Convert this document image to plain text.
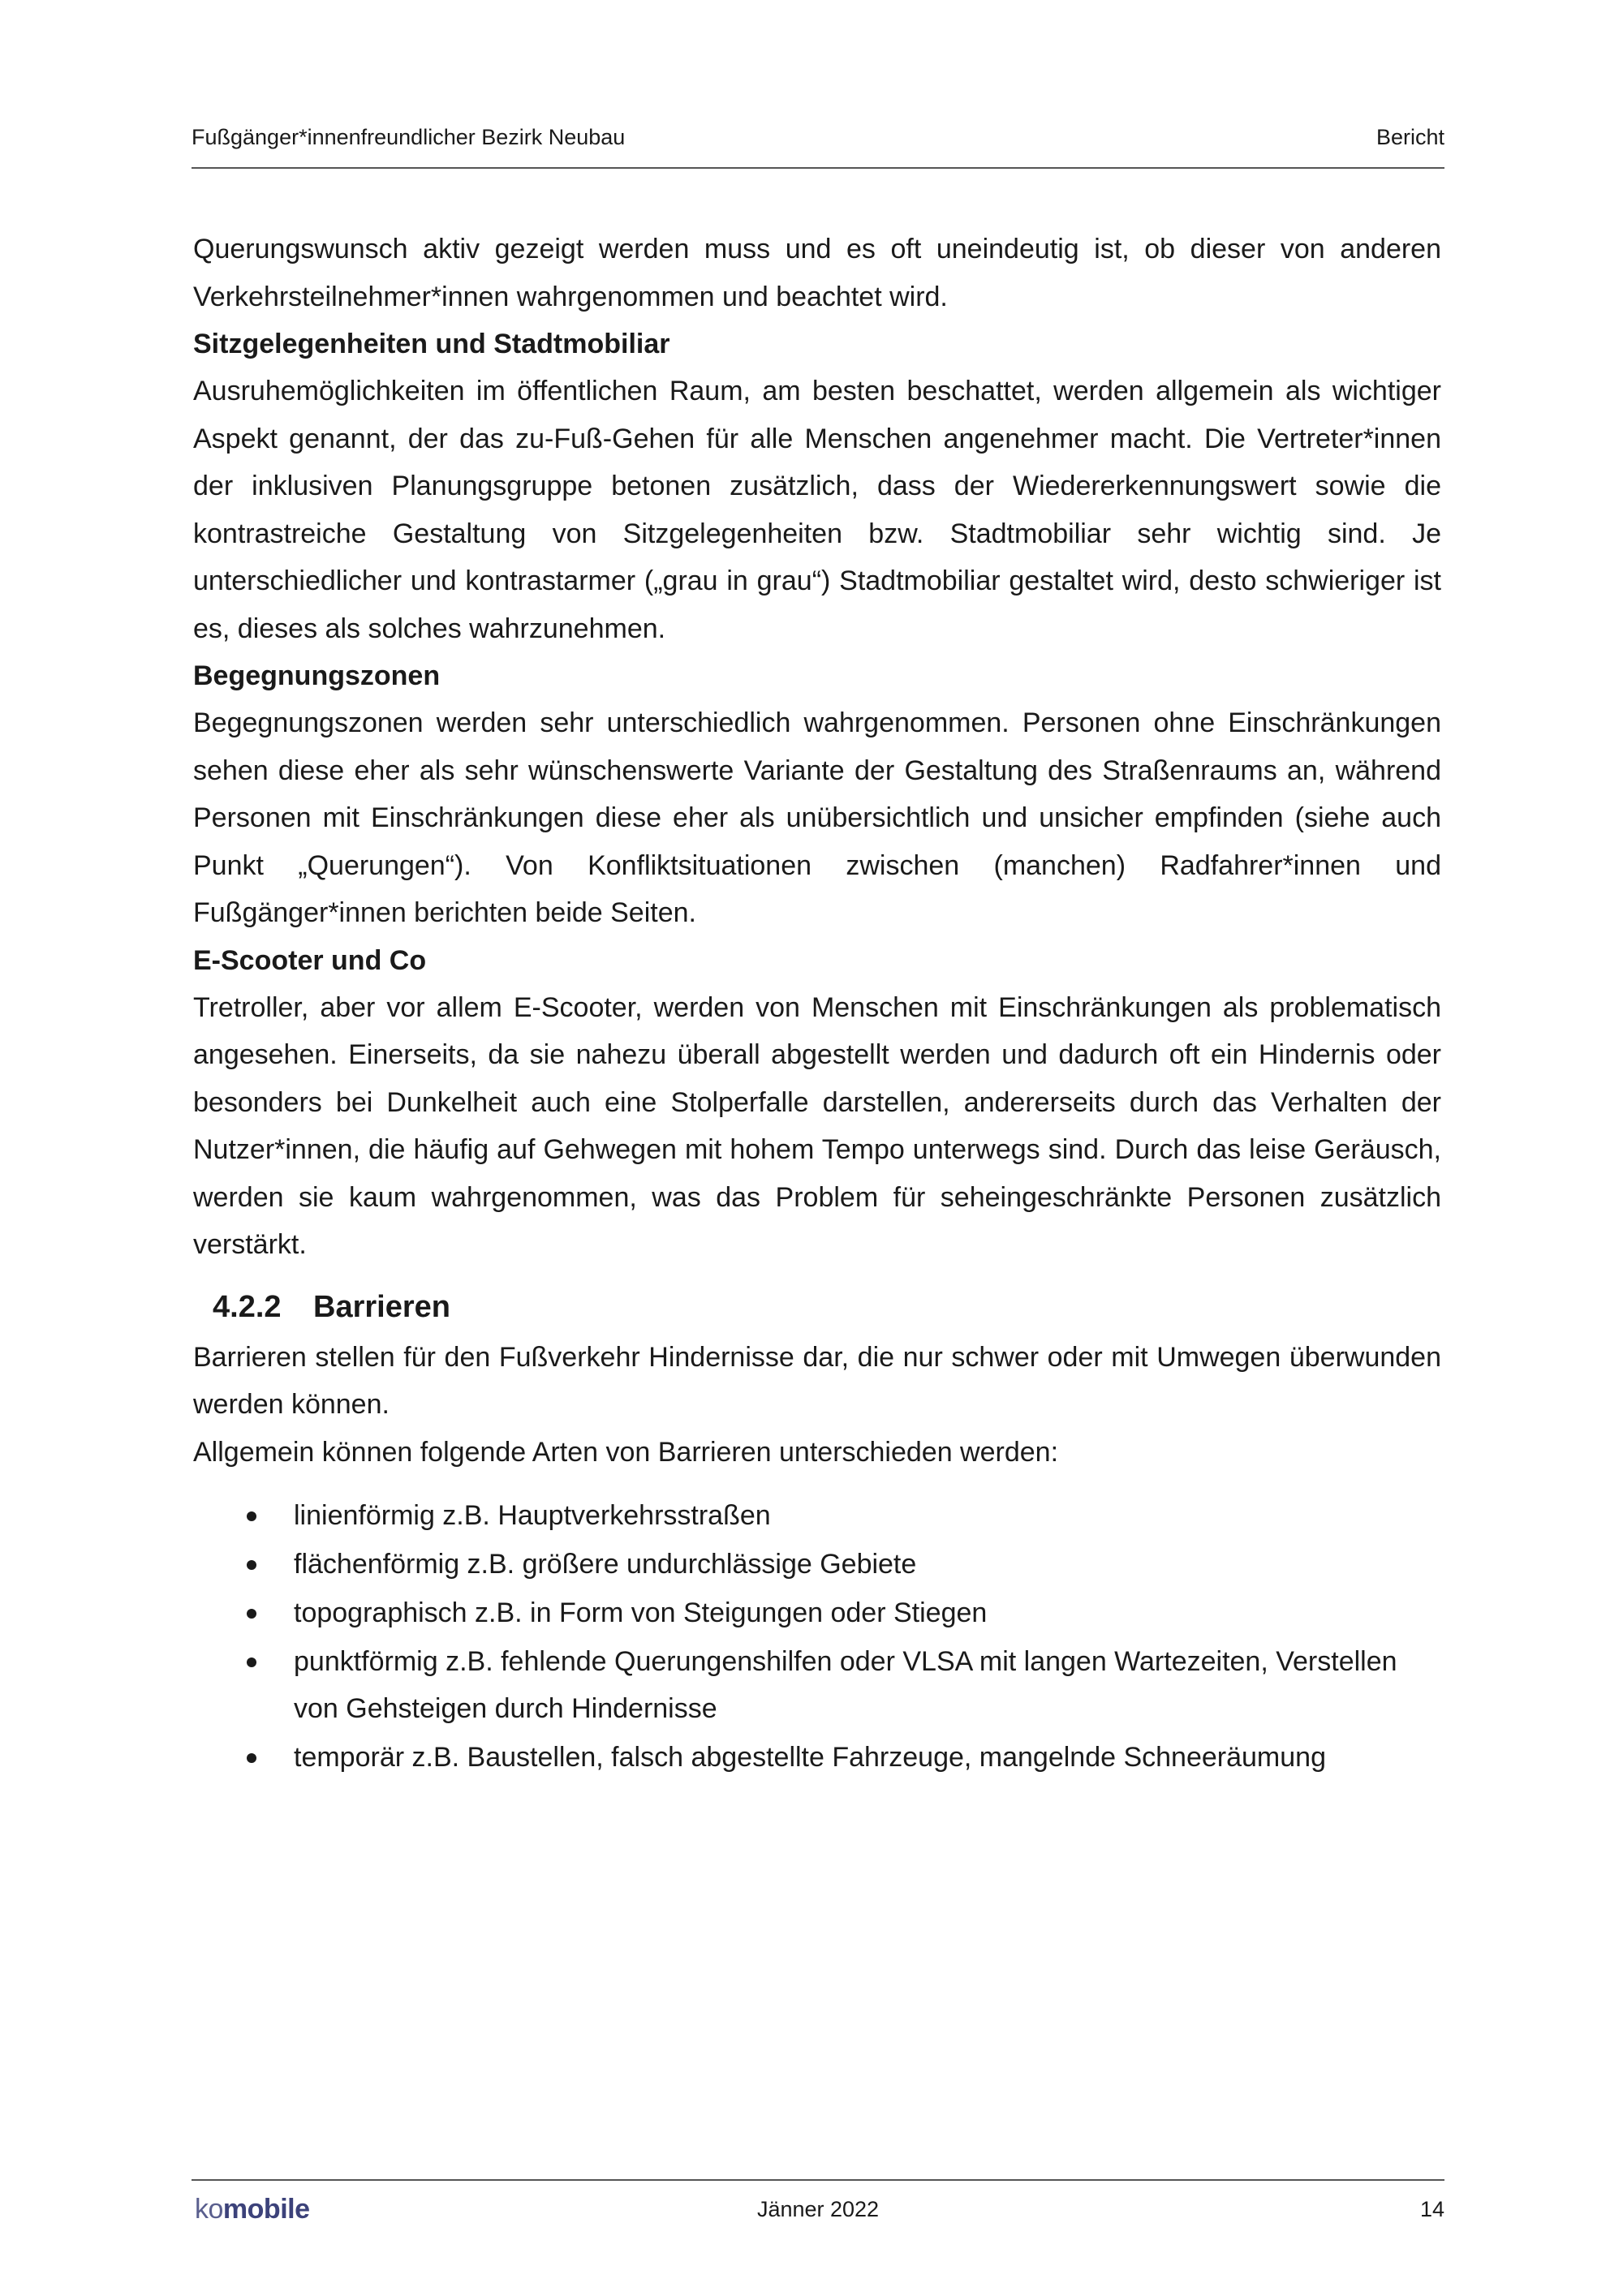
Fußgänger*innenfreundlicher Bezirk Neubau	Bericht

Querungswunsch aktiv gezeigt werden muss und es oft uneindeutig ist, ob dieser von anderen Verkehrsteilnehmer*innen wahrgenommen und beachtet wird.

Sitzgelegenheiten und Stadtmobiliar

Ausruhemöglichkeiten im öffentlichen Raum, am besten beschattet, werden allgemein als wichtiger Aspekt genannt, der das zu-Fuß-Gehen für alle Menschen angenehmer macht. Die Vertreter*innen der inklusiven Planungsgruppe betonen zusätzlich, dass der Wiedererkennungswert sowie die kontrastreiche Gestaltung von Sitzgelegenheiten bzw. Stadtmobiliar sehr wichtig sind. Je unterschiedlicher und kontrastarmer („grau in grau“) Stadtmobiliar gestaltet wird, desto schwieriger ist es, dieses als solches wahrzunehmen.

Begegnungszonen

Begegnungszonen werden sehr unterschiedlich wahrgenommen. Personen ohne Einschränkungen sehen diese eher als sehr wünschenswerte Variante der Gestaltung des Straßenraums an, während Personen mit Einschränkungen diese eher als unübersichtlich und unsicher empfinden (siehe auch Punkt „Querungen“). Von Konfliktsituationen zwischen (manchen) Radfahrer*innen und Fußgänger*innen berichten beide Seiten.

E-Scooter und Co

Tretroller, aber vor allem E-Scooter, werden von Menschen mit Einschränkungen als problematisch angesehen. Einerseits, da sie nahezu überall abgestellt werden und dadurch oft ein Hindernis oder besonders bei Dunkelheit auch eine Stolperfalle darstellen, andererseits durch das Verhalten der Nutzer*innen, die häufig auf Gehwegen mit hohem Tempo unterwegs sind. Durch das leise Geräusch, werden sie kaum wahrgenommen, was das Problem für seheingeschränkte Personen zusätzlich verstärkt.

4.2.2 Barrieren

Barrieren stellen für den Fußverkehr Hindernisse dar, die nur schwer oder mit Umwegen überwunden werden können.

Allgemein können folgende Arten von Barrieren unterschieden werden:

linienförmig z.B. Hauptverkehrsstraßen
flächenförmig z.B. größere undurchlässige Gebiete
topographisch z.B. in Form von Steigungen oder Stiegen
punktförmig z.B. fehlende Querungenshilfen oder VLSA mit langen Wartezeiten, Verstellen von Gehsteigen durch Hindernisse
temporär z.B. Baustellen, falsch abgestellte Fahrzeuge, mangelnde Schneeräumung
komobile	Jänner 2022	14
